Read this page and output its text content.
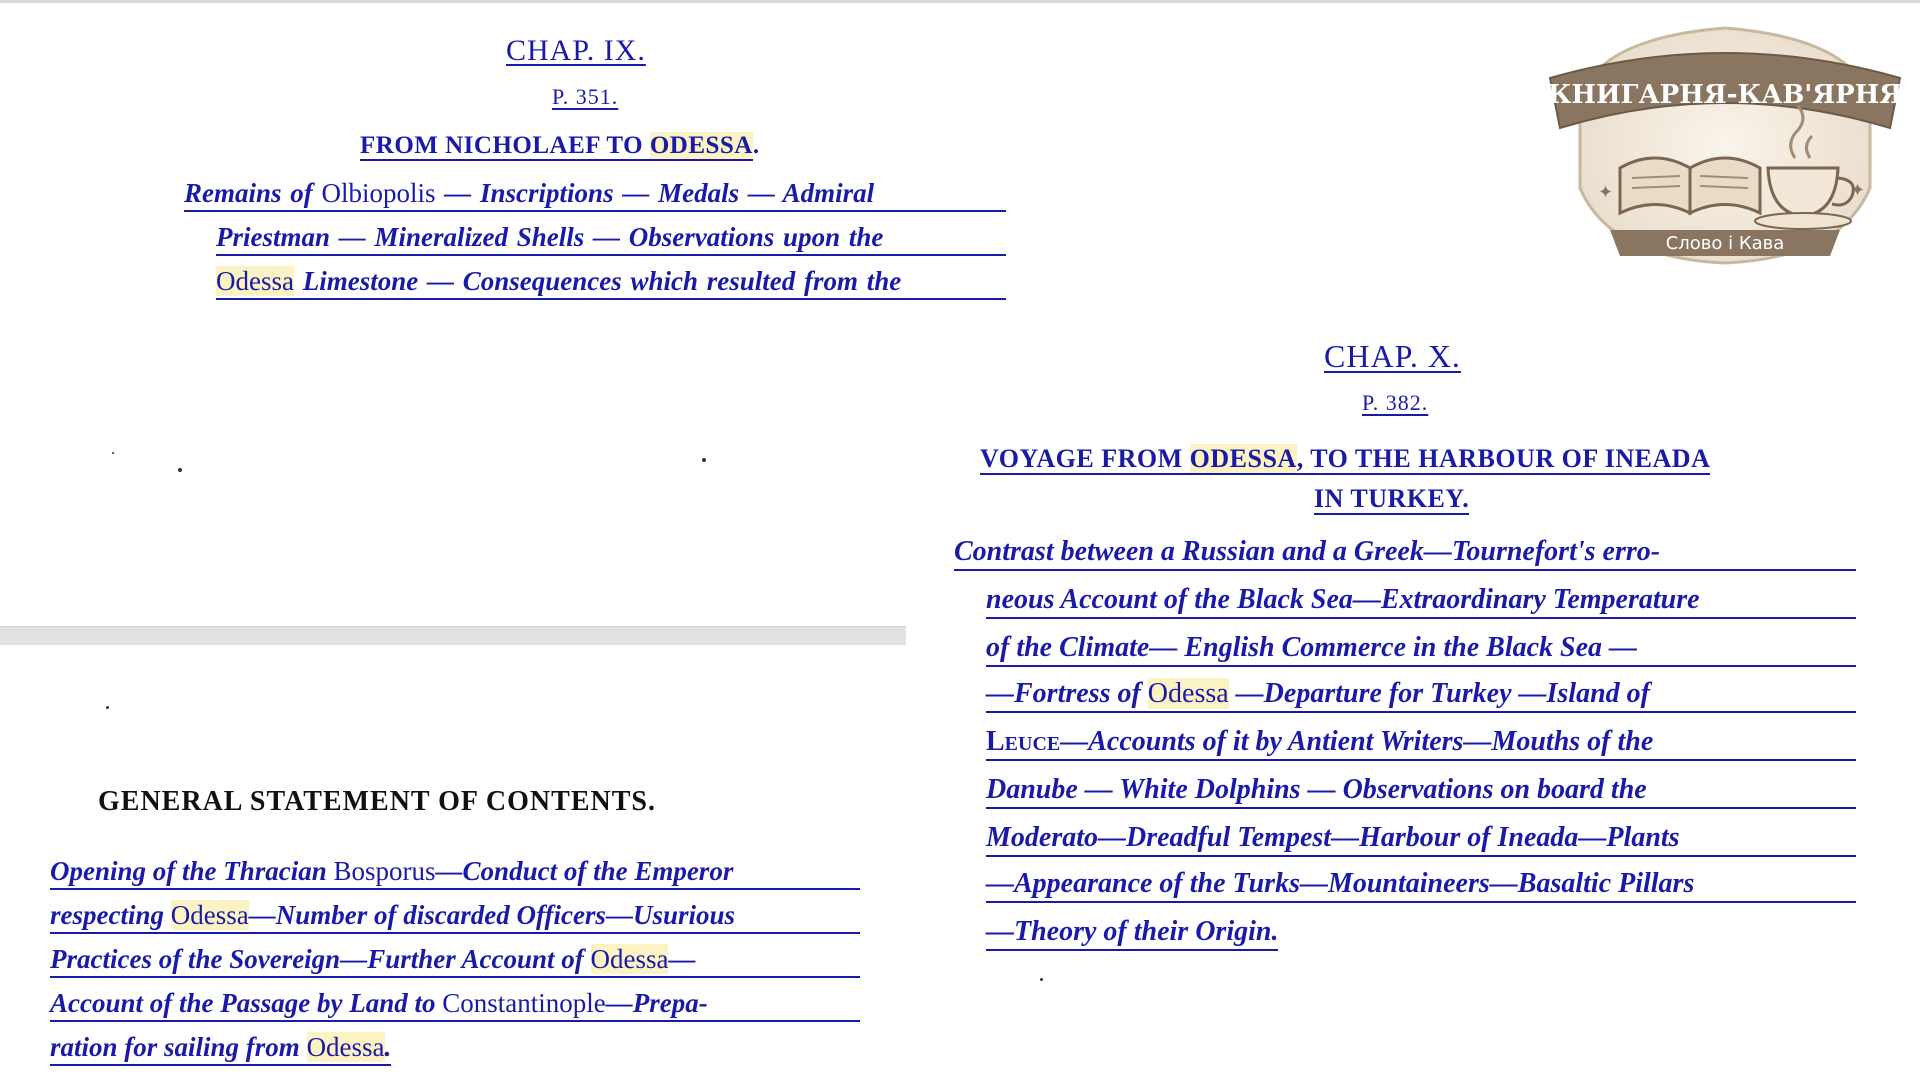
CHAP. IX.
P. 351.
FROM NICHOLAEF TO ODESSA.
Remains of Olbiopolis — Inscriptions — Medals — Admiral
Priestman — Mineralized Shells — Observations upon the
Odessa Limestone — Consequences which resulted from the
GENERAL STATEMENT OF CONTENTS.
Opening of the Thracian Bosporus—Conduct of the Emperor
respecting Odessa—Number of discarded Officers—Usurious
Practices of the Sovereign—Further Account of Odessa—
Account of the Passage by Land to Constantinople—Prepa-
ration for sailing from Odessa.
CHAP. X.
P. 382.
VOYAGE FROM ODESSA, TO THE HARBOUR OF INEADA
IN TURKEY.
Contrast between a Russian and a Greek—Tournefort's erro-
neous Account of the Black Sea—Extraordinary Temperature
of the Climate— English Commerce in the Black Sea —
—Fortress of Odessa —Departure for Turkey —Island of
Leuce—Accounts of it by Antient Writers—Mouths of the
Danube — White Dolphins — Observations on board the
Moderato—Dreadful Tempest—Harbour of Ineada—Plants
—Appearance of the Turks—Mountaineers—Basaltic Pillars
—Theory of their Origin.
КНИГАРНЯ-КАВ'ЯРНЯ
✦	✦
Слово і Кава
